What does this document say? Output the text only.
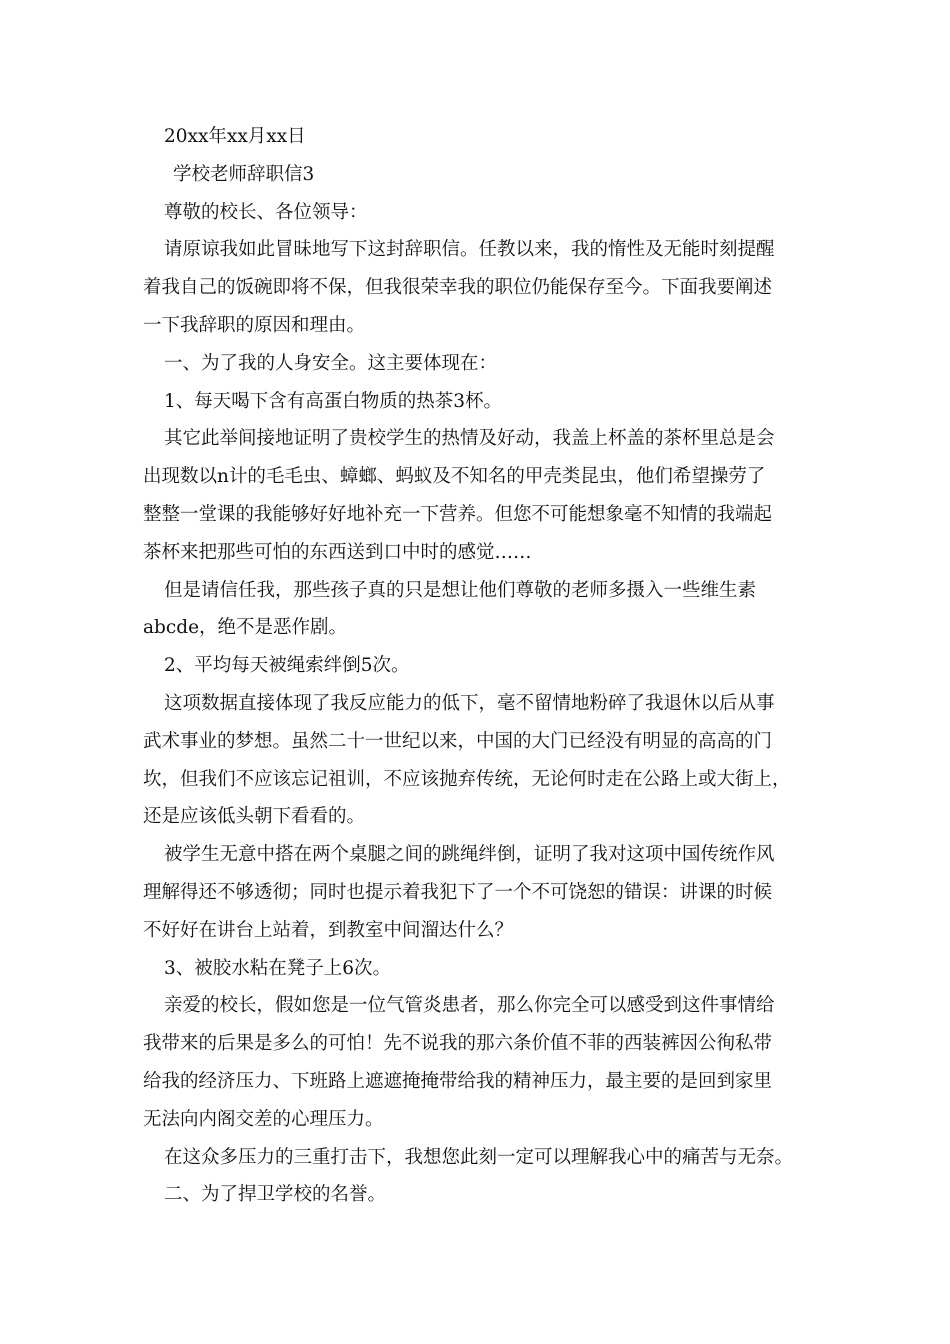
20xx年xx月xx日
学校老师辞职信3
尊敬的校长、各位领导：
请原谅我如此冒昧地写下这封辞职信。任教以来，我的惰性及无能时刻提醒
着我自己的饭碗即将不保，但我很荣幸我的职位仍能保存至今。下面我要阐述
一下我辞职的原因和理由。
一、为了我的人身安全。这主要体现在：
1、每天喝下含有高蛋白物质的热茶3杯。
其它此举间接地证明了贵校学生的热情及好动，我盖上杯盖的茶杯里总是会
出现数以n计的毛毛虫、蟑螂、蚂蚁及不知名的甲壳类昆虫，他们希望操劳了
整整一堂课的我能够好好地补充一下营养。但您不可能想象毫不知情的我端起
茶杯来把那些可怕的东西送到口中时的感觉……
但是请信任我，那些孩子真的只是想让他们尊敬的老师多摄入一些维生素
abcde，绝不是恶作剧。
2、平均每天被绳索绊倒5次。
这项数据直接体现了我反应能力的低下，毫不留情地粉碎了我退休以后从事
武术事业的梦想。虽然二十一世纪以来，中国的大门已经没有明显的高高的门
坎，但我们不应该忘记祖训，不应该抛弃传统，无论何时走在公路上或大街上，
还是应该低头朝下看看的。
被学生无意中搭在两个桌腿之间的跳绳绊倒，证明了我对这项中国传统作风
理解得还不够透彻；同时也提示着我犯下了一个不可饶恕的错误：讲课的时候
不好好在讲台上站着，到教室中间溜达什么？
3、被胶水粘在凳子上6次。
亲爱的校长，假如您是一位气管炎患者，那么你完全可以感受到这件事情给
我带来的后果是多么的可怕！先不说我的那六条价值不菲的西装裤因公徇私带
给我的经济压力、下班路上遮遮掩掩带给我的精神压力，最主要的是回到家里
无法向内阁交差的心理压力。
在这众多压力的三重打击下，我想您此刻一定可以理解我心中的痛苦与无奈。
二、为了捍卫学校的名誉。
